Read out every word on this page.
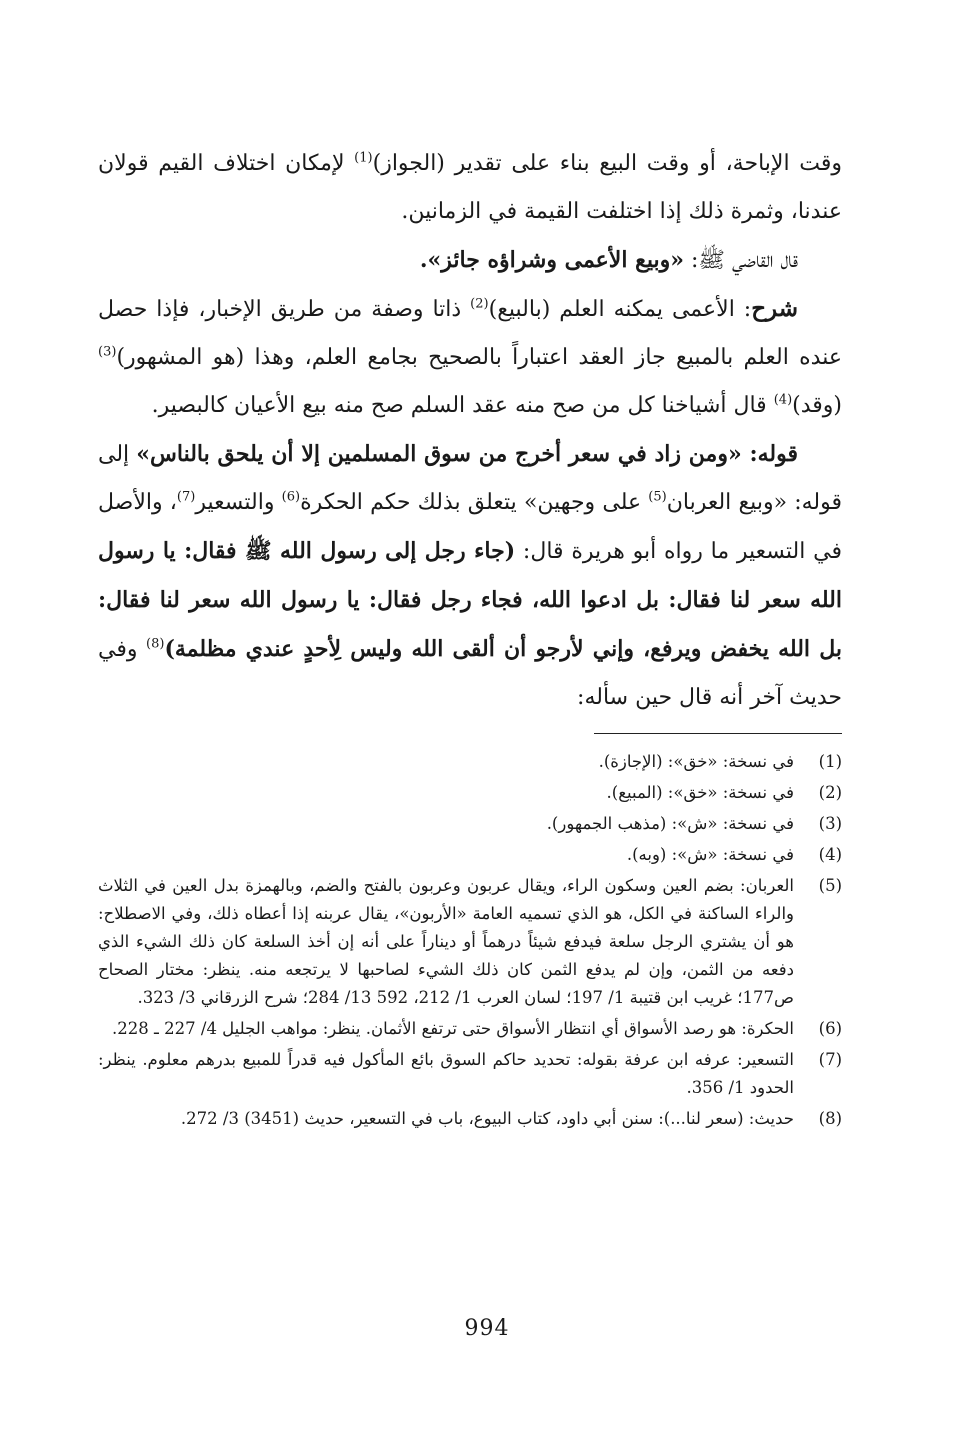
وقت الإباحة، أو وقت البيع بناء على تقدير (الجواز)$^{(1)}$ لإمكان اختلاف القيم قولان عندنا، وثمرة ذلك إذا اختلفت القيمة في الزمانين.

قال القاضي ﷺ: «وبيع الأعمى وشراؤه جائز».

شرح: الأعمى يمكنه العلم (بالبيع)$^{(2)}$ ذاتا وصفة من طريق الإخبار، فإذا حصل عنده العلم بالمبيع جاز العقد اعتباراً بالصحيح بجامع العلم، وهذا (هو المشهور)$^{(3)}$ (وقد)$^{(4)}$ قال أشياخنا كل من صح منه عقد السلم صح منه بيع الأعيان كالبصير.

قوله: «ومن زاد في سعر أخرج من سوق المسلمين إلا أن يلحق بالناس» إلى قوله: «وبيع العربان$^{(5)}$ على وجهين» يتعلق بذلك حكم الحكرة$^{(6)}$ والتسعير$^{(7)}$، والأصل في التسعير ما رواه أبو هريرة قال: (جاء رجل إلى رسول الله ﷺ فقال: يا رسول الله سعر لنا فقال: بل ادعوا الله، فجاء رجل فقال: يا رسول الله سعر لنا فقال: بل الله يخفض ويرفع، وإني لأرجو أن ألقى الله وليس لِأحدٍ عندي مظلمة)$^{(8)}$ وفي حديث آخر أنه قال حين سأله:

(1)
في نسخة: «خق»: (الإجازة).
(2)
في نسخة: «خق»: (المبيع).
(3)
في نسخة: «ش»: (مذهب الجمهور).
(4)
في نسخة: «ش»: (وبه).
(5)
العربان: بضم العين وسكون الراء، ويقال عربون وعربون بالفتح والضم، وبالهمزة بدل العين في الثلاث والراء الساكنة في الكل، هو الذي تسميه العامة «الأربون»، يقال عربنه إذا أعطاه ذلك، وفي الاصطلاح: هو أن يشتري الرجل سلعة فيدفع شيئاً درهماً أو ديناراً على أنه إن أخذ السلعة كان ذلك الشيء الذي دفعه من الثمن، وإن لم يدفع الثمن كان ذلك الشيء لصاحبها لا يرتجعه منه. ينظر: مختار الصحاح ص177؛ غريب ابن قتيبة 1/ 197؛ لسان العرب 1/ 212، 592 13/ 284؛ شرح الزرقاني 3/ 323.
(6)
الحكرة: هو رصد الأسواق أي انتظار الأسواق حتى ترتفع الأثمان. ينظر: مواهب الجليل 4/ 227 ـ 228.
(7)
التسعير: عرفه ابن عرفة بقوله: تحديد حاكم السوق بائع المأكول فيه قدراً للمبيع بدرهم معلوم. ينظر: الحدود 1/ 356.
(8)
حديث: (سعر لنا...): سنن أبي داود، كتاب البيوع، باب في التسعير، حديث (3451) 3/ 272.
994
